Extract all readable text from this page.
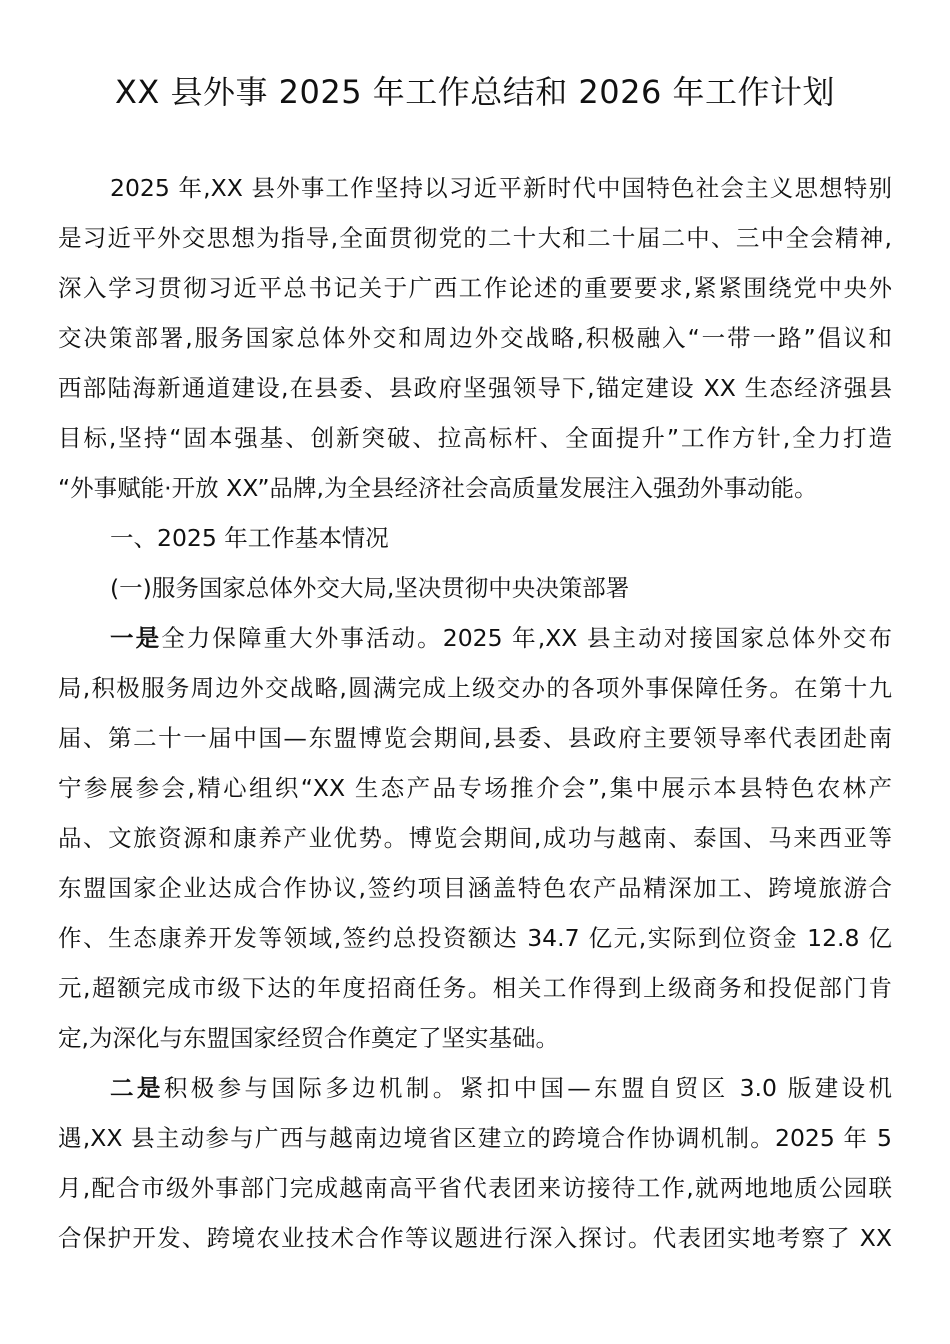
XX 县外事 2025 年工作总结和 2026 年工作计划
2025 年,XX 县外事工作坚持以习近平新时代中国特色社会主义思想特别
是习近平外交思想为指导,全面贯彻党的二十大和二十届二中、三中全会精神,
深入学习贯彻习近平总书记关于广西工作论述的重要要求,紧紧围绕党中央外
交决策部署,服务国家总体外交和周边外交战略,积极融入“一带一路”倡议和
西部陆海新通道建设,在县委、县政府坚强领导下,锚定建设 XX 生态经济强县
目标,坚持“固本强基、创新突破、拉高标杆、全面提升”工作方针,全力打造
“外事赋能·开放 XX”品牌,为全县经济社会高质量发展注入强劲外事动能。
一、2025 年工作基本情况
(一)服务国家总体外交大局,坚决贯彻中央决策部署
一是全力保障重大外事活动。2025 年,XX 县主动对接国家总体外交布
局,积极服务周边外交战略,圆满完成上级交办的各项外事保障任务。在第十九
届、第二十一届中国—东盟博览会期间,县委、县政府主要领导率代表团赴南
宁参展参会,精心组织“XX 生态产品专场推介会”,集中展示本县特色农林产
品、文旅资源和康养产业优势。博览会期间,成功与越南、泰国、马来西亚等
东盟国家企业达成合作协议,签约项目涵盖特色农产品精深加工、跨境旅游合
作、生态康养开发等领域,签约总投资额达 34.7 亿元,实际到位资金 12.8 亿
元,超额完成市级下达的年度招商任务。相关工作得到上级商务和投促部门肯
定,为深化与东盟国家经贸合作奠定了坚实基础。
二是积极参与国际多边机制。紧扣中国—东盟自贸区 3.0 版建设机
遇,XX 县主动参与广西与越南边境省区建立的跨境合作协调机制。2025 年 5
月,配合市级外事部门完成越南高平省代表团来访接待工作,就两地地质公园联
合保护开发、跨境农业技术合作等议题进行深入探讨。代表团实地考察了 XX
